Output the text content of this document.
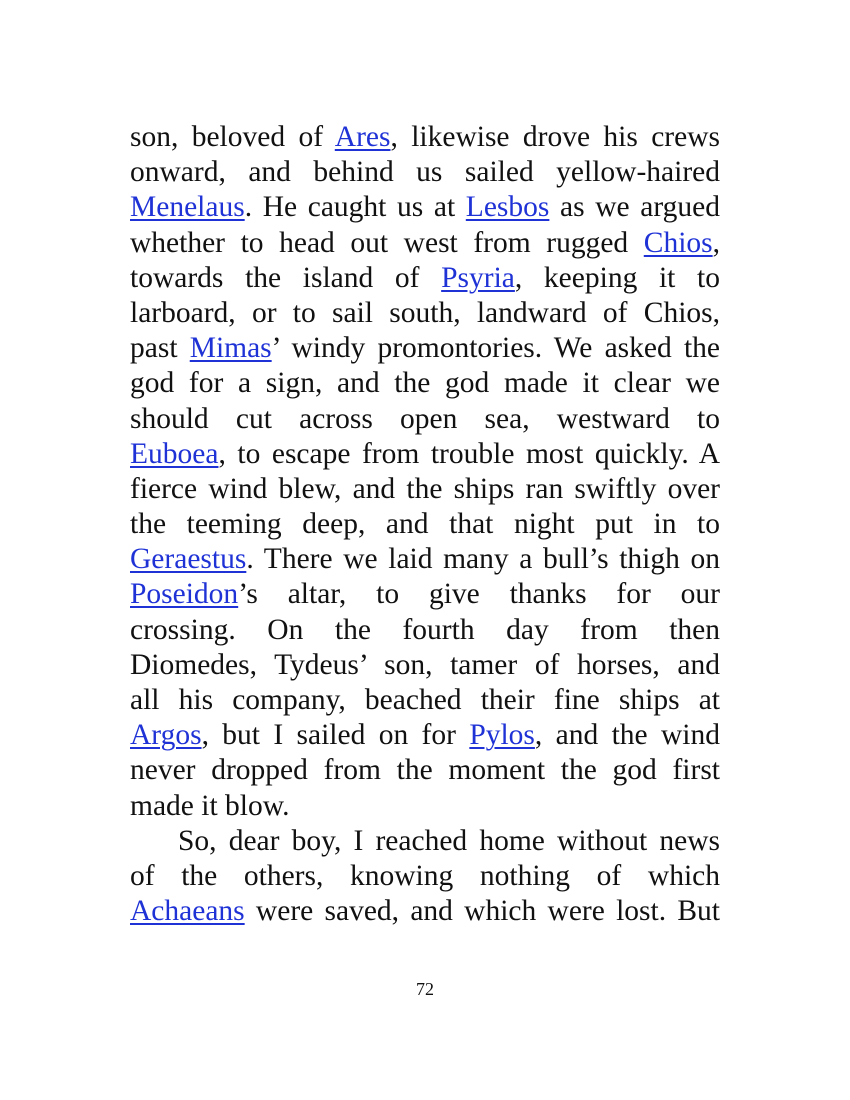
son, beloved of Ares, likewise drove his crews
onward, and behind us sailed yellow-haired
Menelaus. He caught us at Lesbos as we argued
whether to head out west from rugged Chios,
towards the island of Psyria, keeping it to
larboard, or to sail south, landward of Chios,
past Mimas’ windy promontories. We asked the
god for a sign, and the god made it clear we
should cut across open sea, westward to
Euboea, to escape from trouble most quickly. A
fierce wind blew, and the ships ran swiftly over
the teeming deep, and that night put in to
Geraestus. There we laid many a bull’s thigh on
Poseidon’s altar, to give thanks for our
crossing. On the fourth day from then
Diomedes, Tydeus’ son, tamer of horses, and
all his company, beached their fine ships at
Argos, but I sailed on for Pylos, and the wind
never dropped from the moment the god first
made it blow.
So, dear boy, I reached home without news
of the others, knowing nothing of which
Achaeans were saved, and which were lost. But
72
